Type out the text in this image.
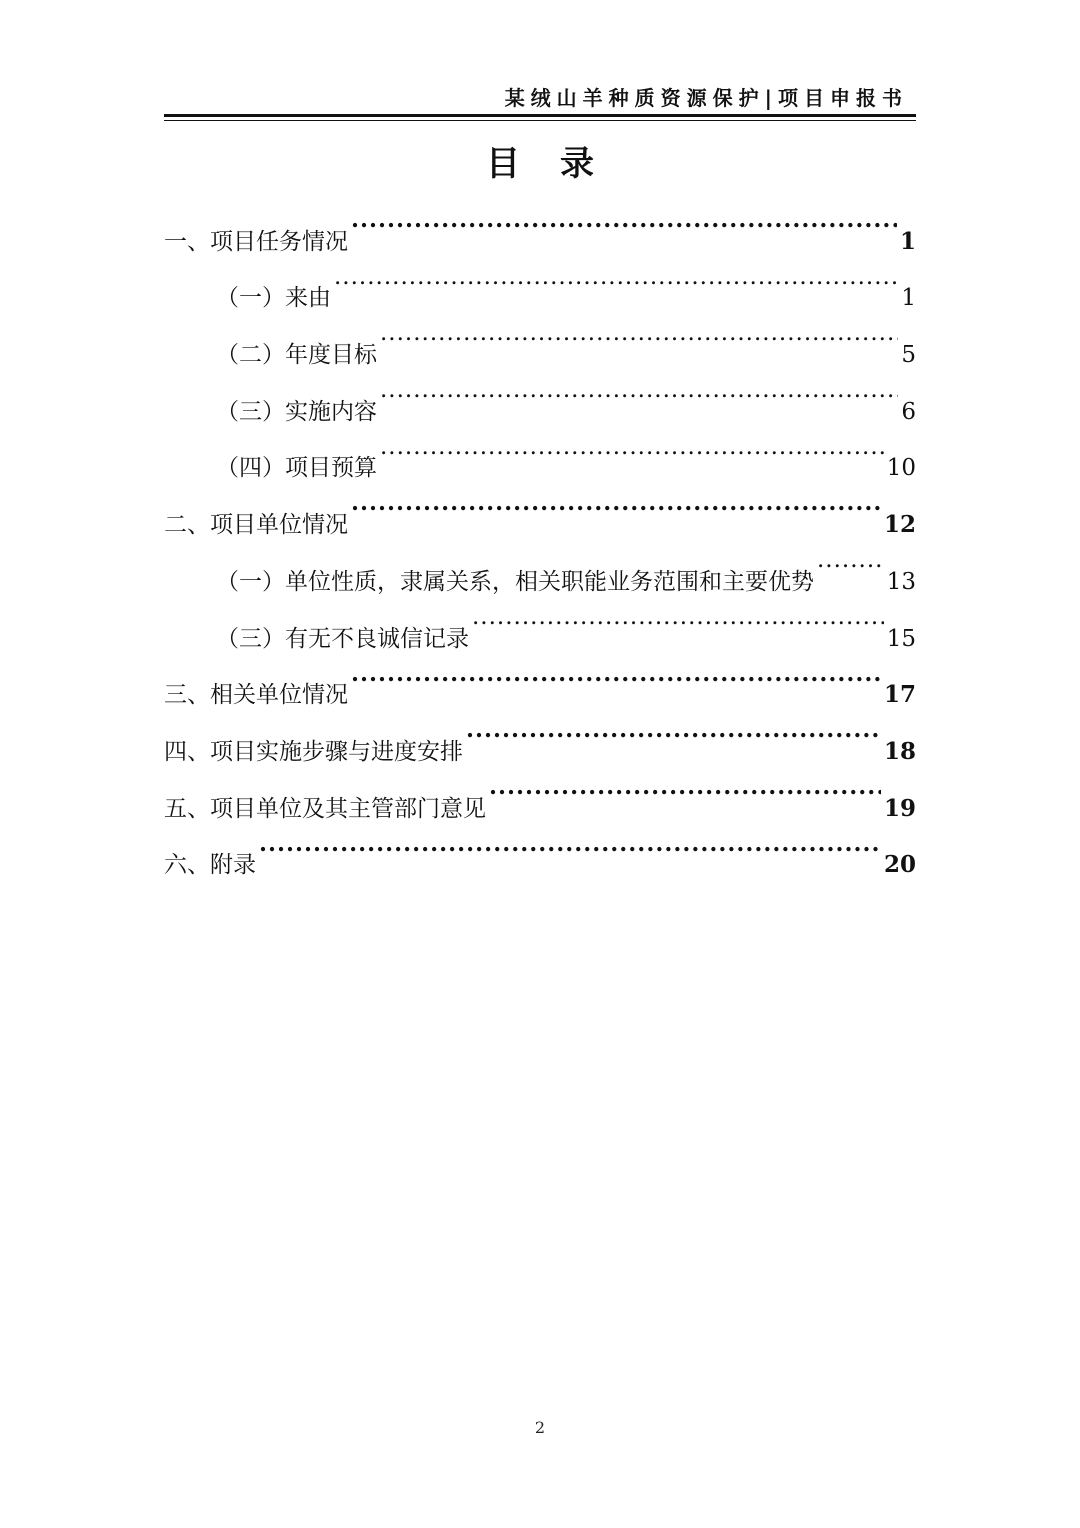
某绒山羊种质资源保护|项目申报书
目录
一、项目任务情况 .....	1
（一）来由 .....	1
（二）年度目标 .....	5
（三）实施内容 .....	6
（四）项目预算 .....	10
二、项目单位情况 .....	12
（一）单位性质，隶属关系，相关职能业务范围和主要优势 .....	13
（三）有无不良诚信记录 .....	15
三、相关单位情况 .....	17
四、项目实施步骤与进度安排 .....	18
五、项目单位及其主管部门意见 .....	19
六、附录 .....	20
2
